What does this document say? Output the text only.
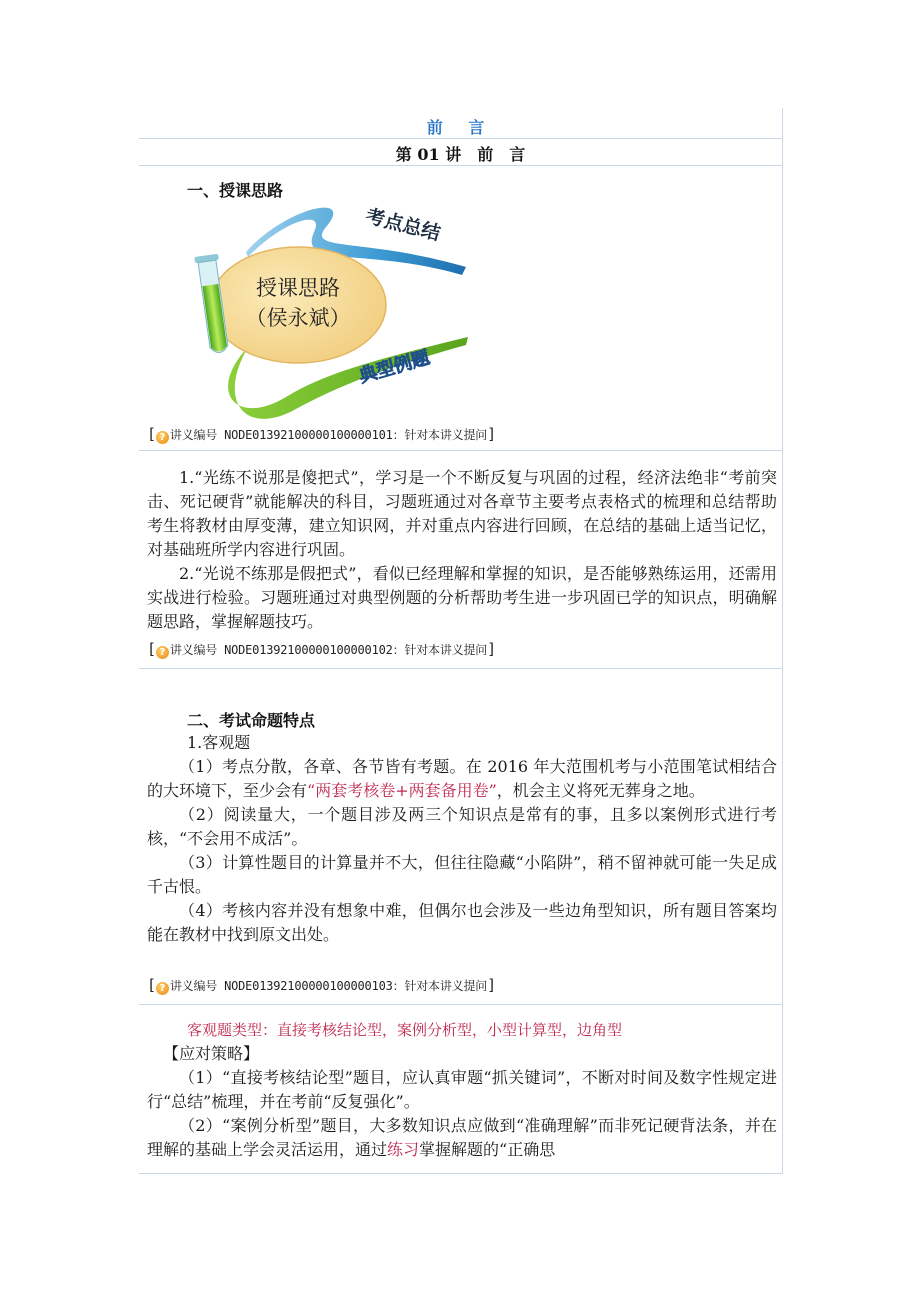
前 言
第 01 讲　前　言
一、授课思路
授课思路
（侯永斌）
考点总结
典型例题
[ ? 讲义编号 NODE01392100000100000101：针对本讲义提问]

1.“光练不说那是傻把式”，学习是一个不断反复与巩固的过程，经济法绝非“考前突击、死记硬背”就能解决的科目，习题班通过对各章节主要考点表格式的梳理和总结帮助考生将教材由厚变薄，建立知识网，并对重点内容进行回顾，在总结的基础上适当记忆，对基础班所学内容进行巩固。

2.“光说不练那是假把式”，看似已经理解和掌握的知识，是否能够熟练运用，还需用实战进行检验。习题班通过对典型例题的分析帮助考生进一步巩固已学的知识点，明确解题思路，掌握解题技巧。

[ ? 讲义编号 NODE01392100000100000102：针对本讲义提问]
二、考试命题特点

1.客观题

（1）考点分散，各章、各节皆有考题。在 2016 年大范围机考与小范围笔试相结合的大环境下，至少会有“两套考核卷+两套备用卷”，机会主义将死无葬身之地。

（2）阅读量大，一个题目涉及两三个知识点是常有的事，且多以案例形式进行考核，“不会用不成活”。

（3）计算性题目的计算量并不大，但往往隐藏“小陷阱”，稍不留神就可能一失足成千古恨。

（4）考核内容并没有想象中难，但偶尔也会涉及一些边角型知识，所有题目答案均能在教材中找到原文出处。

[ ? 讲义编号 NODE01392100000100000103：针对本讲义提问]

客观题类型：直接考核结论型，案例分析型，小型计算型，边角型

【应对策略】

（1）“直接考核结论型”题目，应认真审题“抓关键词”，不断对时间及数字性规定进行“总结”梳理，并在考前“反复强化”。

（2）“案例分析型”题目，大多数知识点应做到“准确理解”而非死记硬背法条，并在理解的基础上学会灵活运用，通过练习掌握解题的“正确思
